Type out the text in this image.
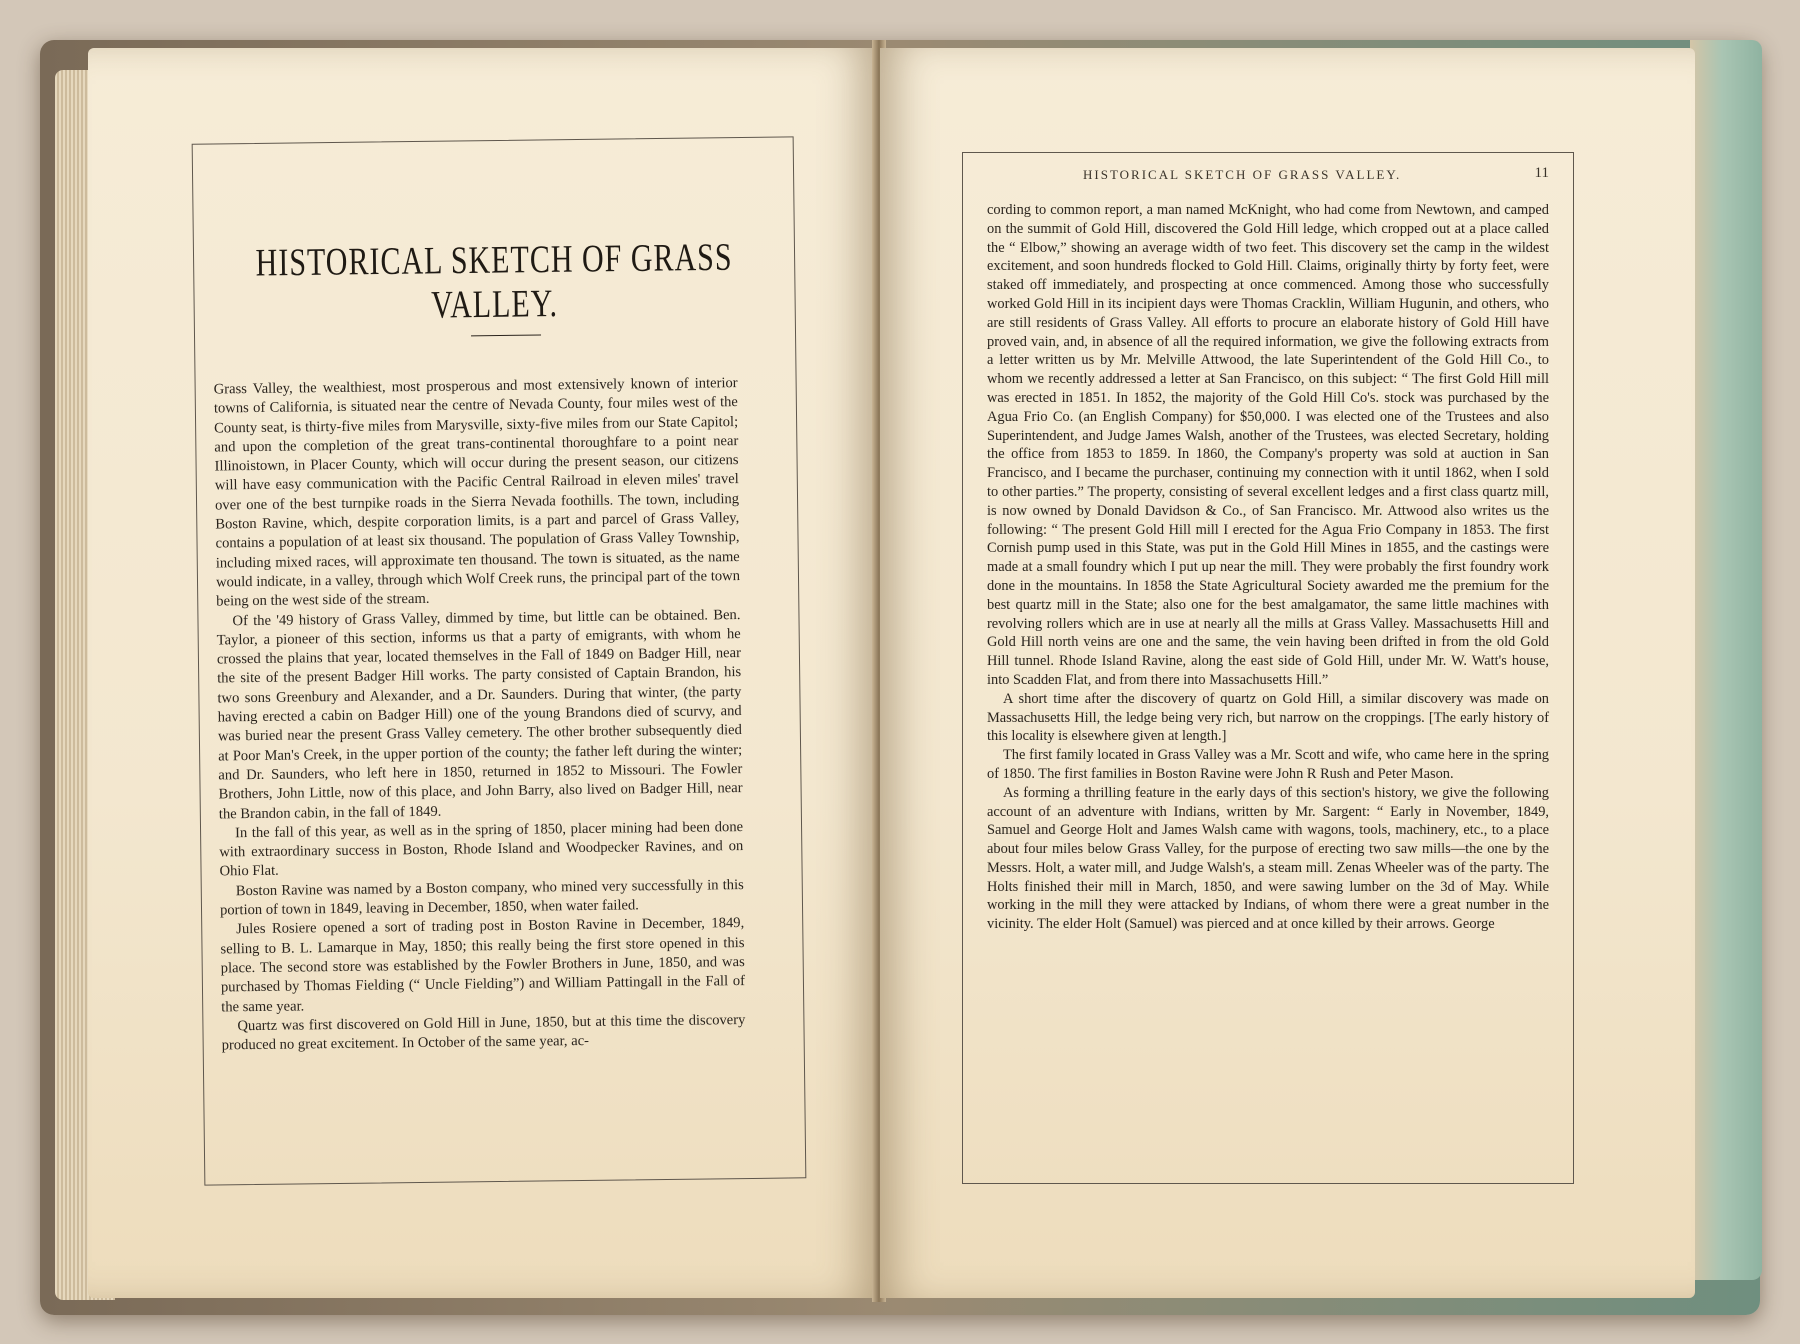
HISTORICAL SKETCH OF GRASS VALLEY.

Grass Valley, the wealthiest, most prosperous and most extensively known of interior towns of California, is situated near the centre of Nevada County, four miles west of the County seat, is thirty-five miles from Marysville, sixty-five miles from our State Capitol; and upon the completion of the great trans-continental thoroughfare to a point near Illinoistown, in Placer County, which will occur during the present season, our citizens will have easy communication with the Pacific Central Railroad in eleven miles' travel over one of the best turnpike roads in the Sierra Nevada foothills. The town, including Boston Ravine, which, despite corporation limits, is a part and parcel of Grass Valley, contains a population of at least six thousand. The population of Grass Valley Township, including mixed races, will approximate ten thousand. The town is situated, as the name would indicate, in a valley, through which Wolf Creek runs, the principal part of the town being on the west side of the stream.

Of the '49 history of Grass Valley, dimmed by time, but little can be obtained. Ben. Taylor, a pioneer of this section, informs us that a party of emigrants, with whom he crossed the plains that year, located themselves in the Fall of 1849 on Badger Hill, near the site of the present Badger Hill works. The party consisted of Captain Brandon, his two sons Greenbury and Alexander, and a Dr. Saunders. During that winter, (the party having erected a cabin on Badger Hill) one of the young Brandons died of scurvy, and was buried near the present Grass Valley cemetery. The other brother subsequently died at Poor Man's Creek, in the upper portion of the county; the father left during the winter; and Dr. Saunders, who left here in 1850, returned in 1852 to Missouri. The Fowler Brothers, John Little, now of this place, and John Barry, also lived on Badger Hill, near the Brandon cabin, in the fall of 1849.

In the fall of this year, as well as in the spring of 1850, placer mining had been done with extraordinary success in Boston, Rhode Island and Woodpecker Ravines, and on Ohio Flat.

Boston Ravine was named by a Boston company, who mined very successfully in this portion of town in 1849, leaving in December, 1850, when water failed.

Jules Rosiere opened a sort of trading post in Boston Ravine in December, 1849, selling to B. L. Lamarque in May, 1850; this really being the first store opened in this place. The second store was established by the Fowler Brothers in June, 1850, and was purchased by Thomas Fielding (“ Uncle Fielding”) and William Pattingall in the Fall of the same year.

Quartz was first discovered on Gold Hill in June, 1850, but at this time the discovery produced no great excitement. In October of the same year, ac-

HISTORICAL SKETCH OF GRASS VALLEY.	11

cording to common report, a man named McKnight, who had come from Newtown, and camped on the summit of Gold Hill, discovered the Gold Hill ledge, which cropped out at a place called the “ Elbow,” showing an average width of two feet. This discovery set the camp in the wildest excitement, and soon hundreds flocked to Gold Hill. Claims, originally thirty by forty feet, were staked off immediately, and prospecting at once commenced. Among those who successfully worked Gold Hill in its incipient days were Thomas Cracklin, William Hugunin, and others, who are still residents of Grass Valley. All efforts to procure an elaborate history of Gold Hill have proved vain, and, in absence of all the required information, we give the following extracts from a letter written us by Mr. Melville Attwood, the late Superintendent of the Gold Hill Co., to whom we recently addressed a letter at San Francisco, on this subject: “ The first Gold Hill mill was erected in 1851. In 1852, the majority of the Gold Hill Co's. stock was purchased by the Agua Frio Co. (an English Company) for $50,000. I was elected one of the Trustees and also Superintendent, and Judge James Walsh, another of the Trustees, was elected Secretary, holding the office from 1853 to 1859. In 1860, the Company's property was sold at auction in San Francisco, and I became the purchaser, continuing my connection with it until 1862, when I sold to other parties.” The property, consisting of several excellent ledges and a first class quartz mill, is now owned by Donald Davidson & Co., of San Francisco. Mr. Attwood also writes us the following: “ The present Gold Hill mill I erected for the Agua Frio Company in 1853. The first Cornish pump used in this State, was put in the Gold Hill Mines in 1855, and the castings were made at a small foundry which I put up near the mill. They were probably the first foundry work done in the mountains. In 1858 the State Agricultural Society awarded me the premium for the best quartz mill in the State; also one for the best amalgamator, the same little machines with revolving rollers which are in use at nearly all the mills at Grass Valley. Massachusetts Hill and Gold Hill north veins are one and the same, the vein having been drifted in from the old Gold Hill tunnel. Rhode Island Ravine, along the east side of Gold Hill, under Mr. W. Watt's house, into Scadden Flat, and from there into Massachusetts Hill.”

A short time after the discovery of quartz on Gold Hill, a similar discovery was made on Massachusetts Hill, the ledge being very rich, but narrow on the croppings. [The early history of this locality is elsewhere given at length.]

The first family located in Grass Valley was a Mr. Scott and wife, who came here in the spring of 1850. The first families in Boston Ravine were John R Rush and Peter Mason.

As forming a thrilling feature in the early days of this section's history, we give the following account of an adventure with Indians, written by Mr. Sargent: “ Early in November, 1849, Samuel and George Holt and James Walsh came with wagons, tools, machinery, etc., to a place about four miles below Grass Valley, for the purpose of erecting two saw mills—the one by the Messrs. Holt, a water mill, and Judge Walsh's, a steam mill. Zenas Wheeler was of the party. The Holts finished their mill in March, 1850, and were sawing lumber on the 3d of May. While working in the mill they were attacked by Indians, of whom there were a great number in the vicinity. The elder Holt (Samuel) was pierced and at once killed by their arrows. George
